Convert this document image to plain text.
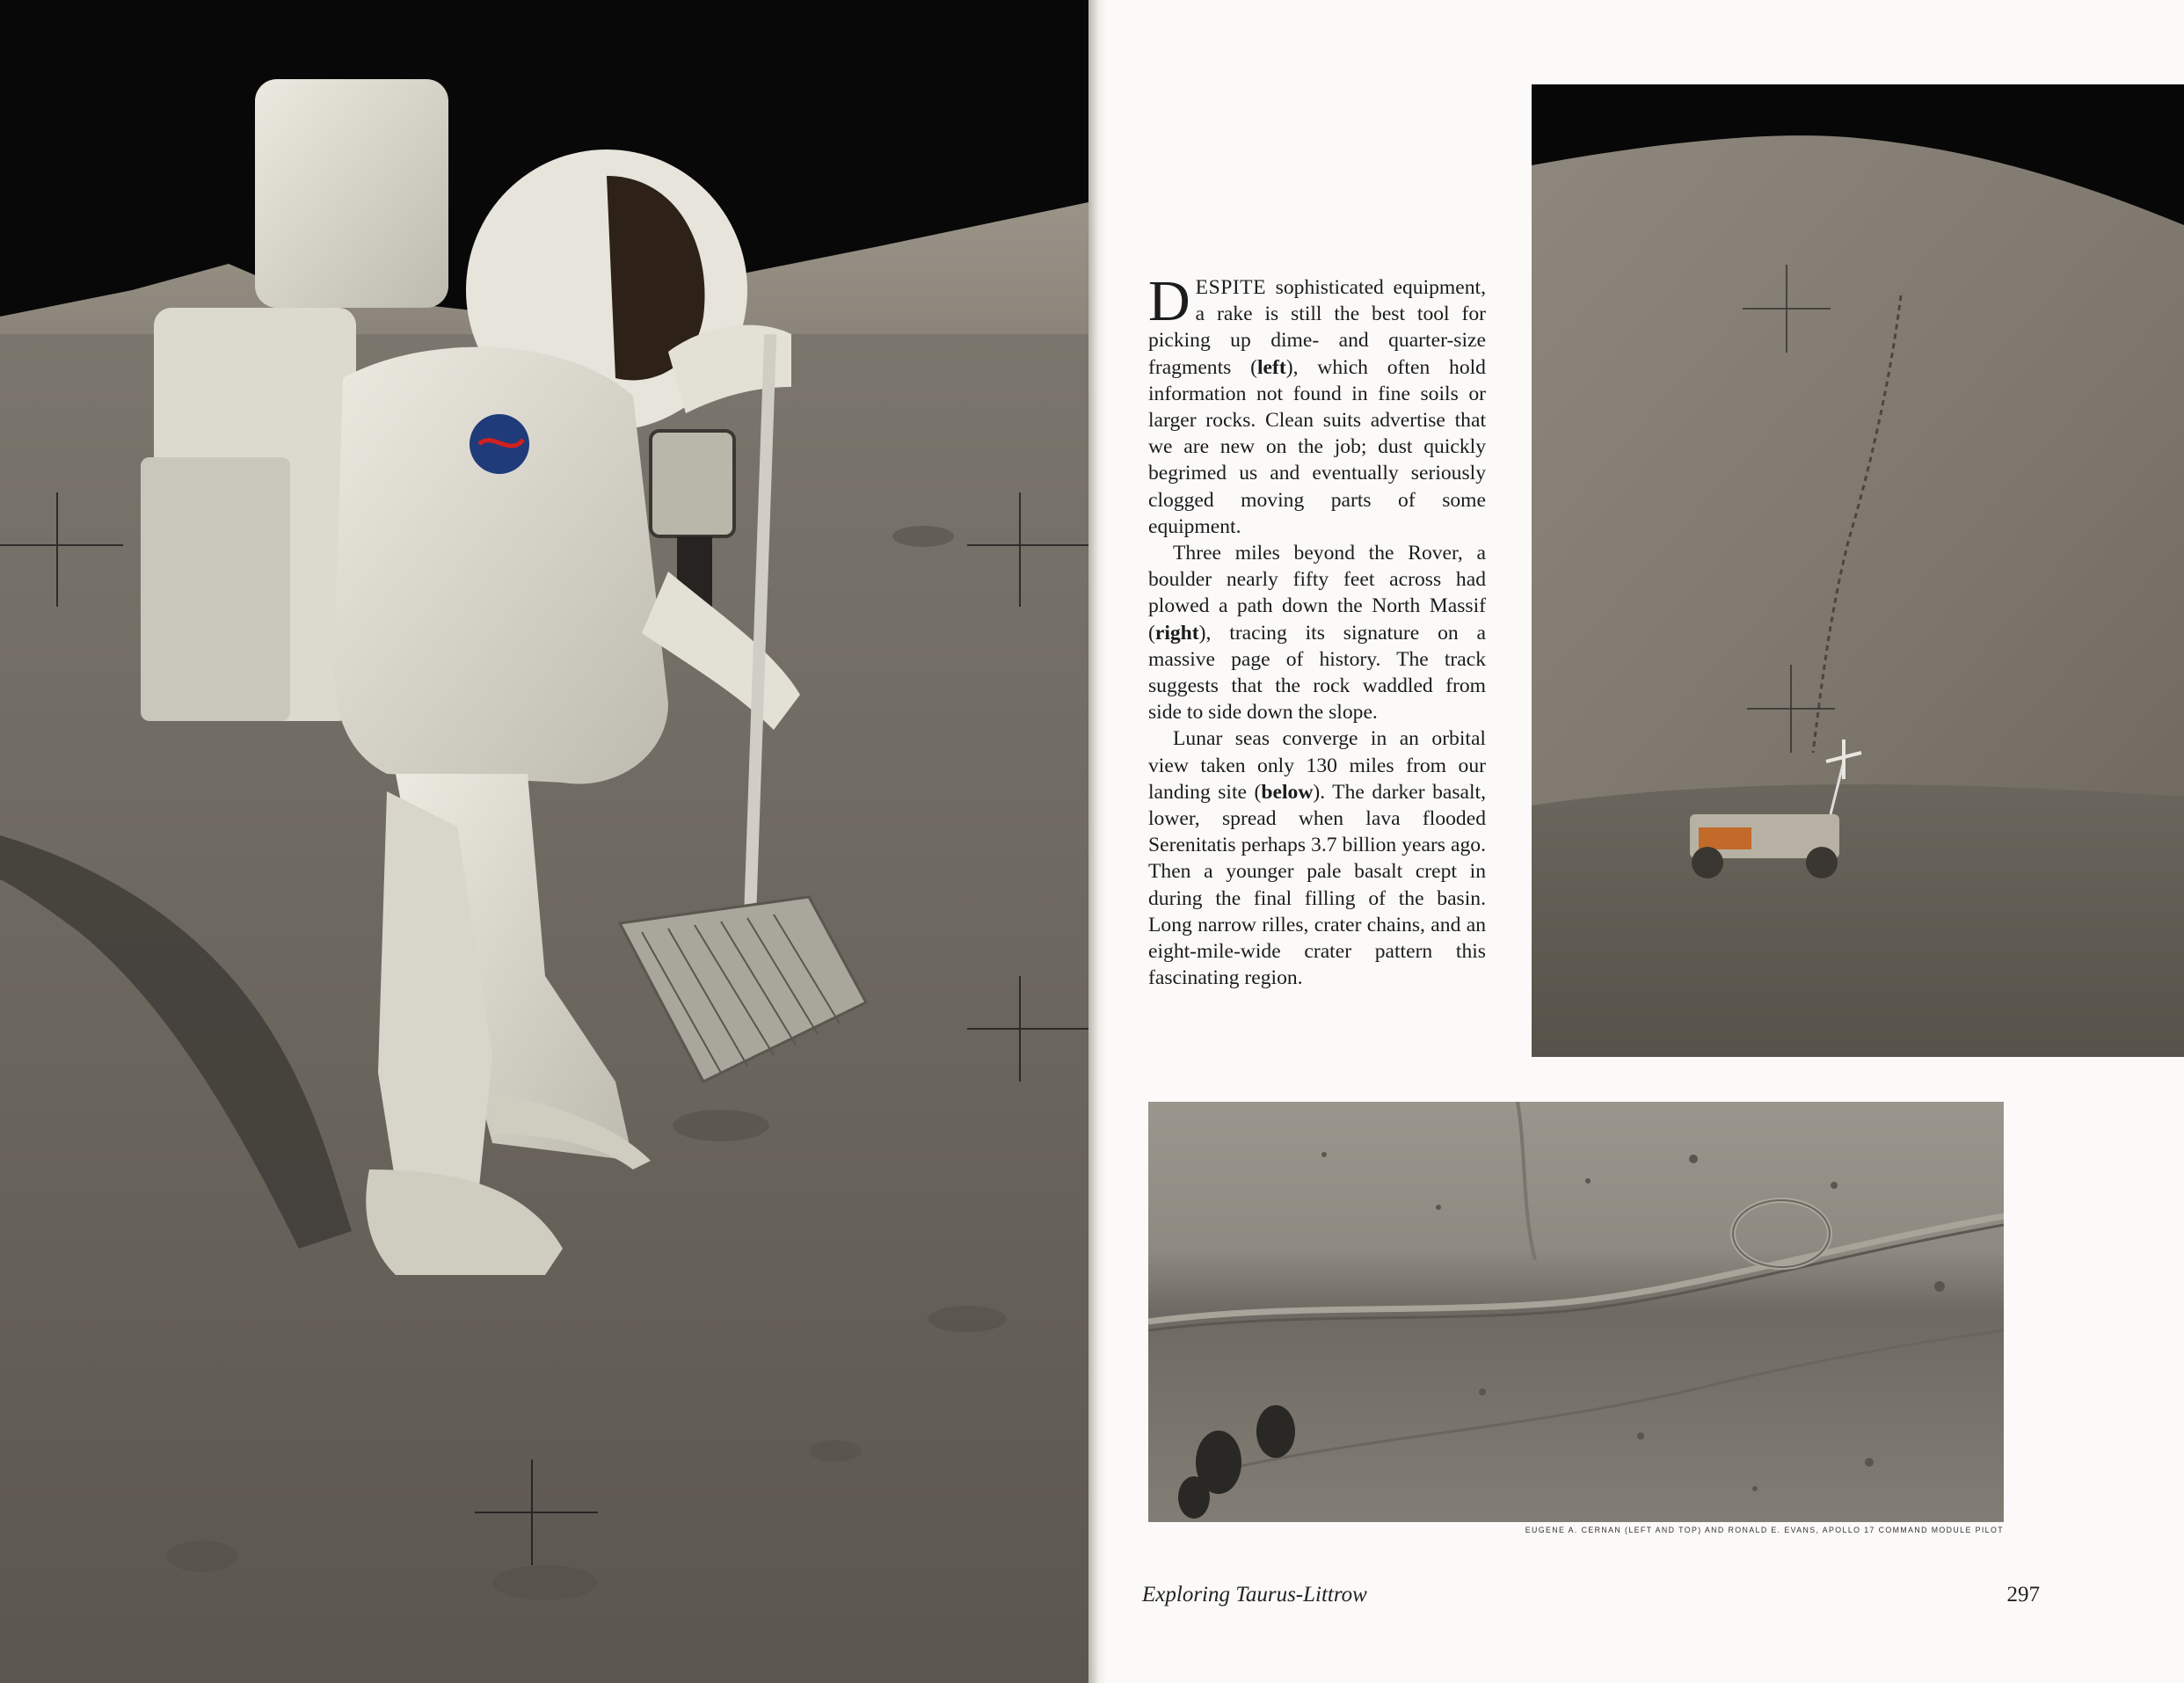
DESPITE sophisticated equipment, a rake is still the best tool for picking up dime- and quarter-size fragments (left), which often hold information not found in fine soils or larger rocks. Clean suits advertise that we are new on the job; dust quickly begrimed us and eventually seriously clogged moving parts of some equipment.

Three miles beyond the Rover, a boulder nearly fifty feet across had plowed a path down the North Massif (right), tracing its signature on a massive page of history. The track suggests that the rock waddled from side to side down the slope.

Lunar seas converge in an orbital view taken only 130 miles from our landing site (below). The darker basalt, lower, spread when lava flooded Serenitatis perhaps 3.7 billion years ago. Then a younger pale basalt crept in during the final filling of the basin. Long narrow rilles, crater chains, and an eight-mile-wide crater pattern this fascinating region.

EUGENE A. CERNAN (LEFT AND TOP) AND RONALD E. EVANS, APOLLO 17 COMMAND MODULE PILOT
Exploring Taurus-Littrow	297
